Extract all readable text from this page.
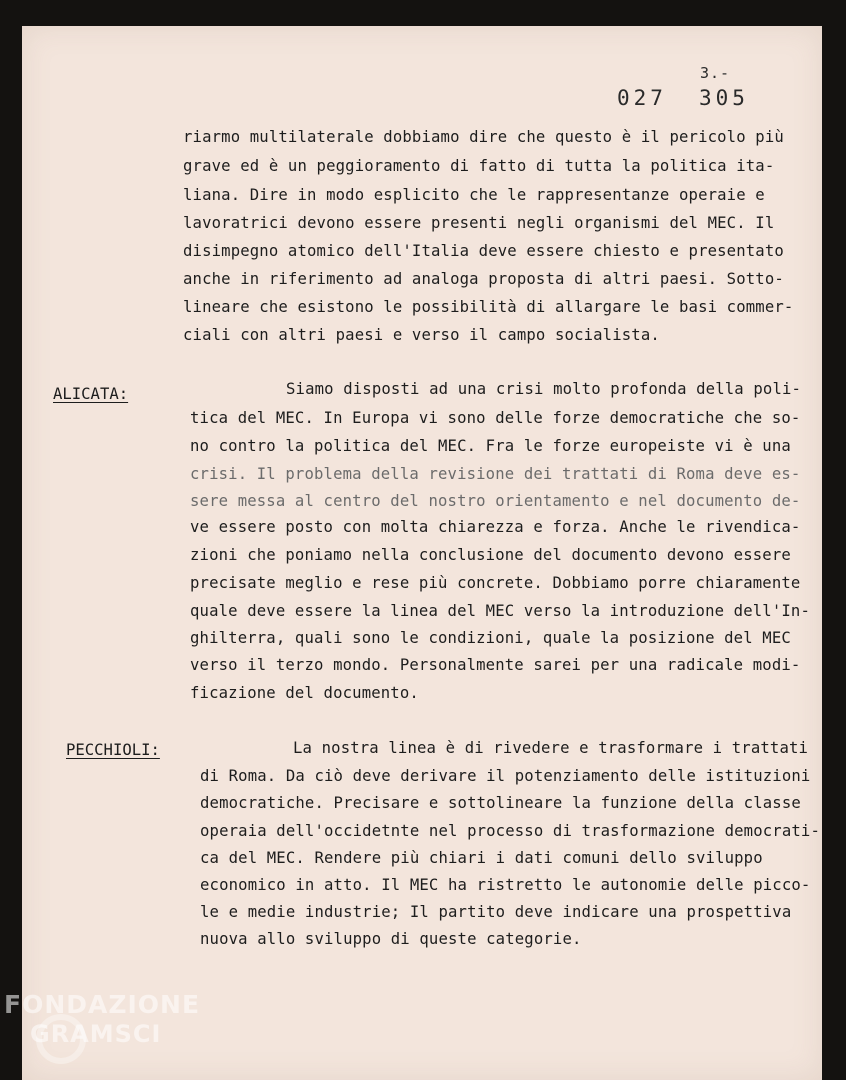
3.-
027 305
riarmo multilaterale dobbiamo dire che questo è il pericolo più
grave ed è un peggioramento di fatto di tutta la politica ita-
liana. Dire in modo esplicito che le rappresentanze operaie e
lavoratrici devono essere presenti negli organismi del MEC. Il
disimpegno atomico dell'Italia deve essere chiesto e presentato
anche in riferimento ad analoga proposta di altri paesi. Sotto-
lineare che esistono le possibilità di allargare le basi commer-
ciali con altri paesi e verso il campo socialista.
ALICATA:	Siamo disposti ad una crisi molto profonda della poli-
tica del MEC. In Europa vi sono delle forze democratiche che so-
no contro la politica del MEC. Fra le forze europeiste vi è una
crisi. Il problema della revisione dei trattati di Roma deve es-
sere messa al centro del nostro orientamento e nel documento de-
ve essere posto con molta chiarezza e forza. Anche le rivendica-
zioni che poniamo nella conclusione del documento devono essere
precisate meglio e rese più concrete. Dobbiamo porre chiaramente
quale deve essere la linea del MEC verso la introduzione dell'In-
ghilterra, quali sono le condizioni, quale la posizione del MEC
verso il terzo mondo. Personalmente sarei per una radicale modi-
ficazione del documento.
PECCHIOLI:	La nostra linea è di rivedere e trasformare i trattati
di Roma. Da ciò deve derivare il potenziamento delle istituzioni
democratiche. Precisare e sottolineare la funzione della classe
operaia dell'occidetnte nel processo di trasformazione democrati-
ca del MEC. Rendere più chiari i dati comuni dello sviluppo
economico in atto. Il MEC ha ristretto le autonomie delle picco-
le e medie industrie; Il partito deve indicare una prospettiva
nuova allo sviluppo di queste categorie.
FONDAZIONE
GRAMSCI
